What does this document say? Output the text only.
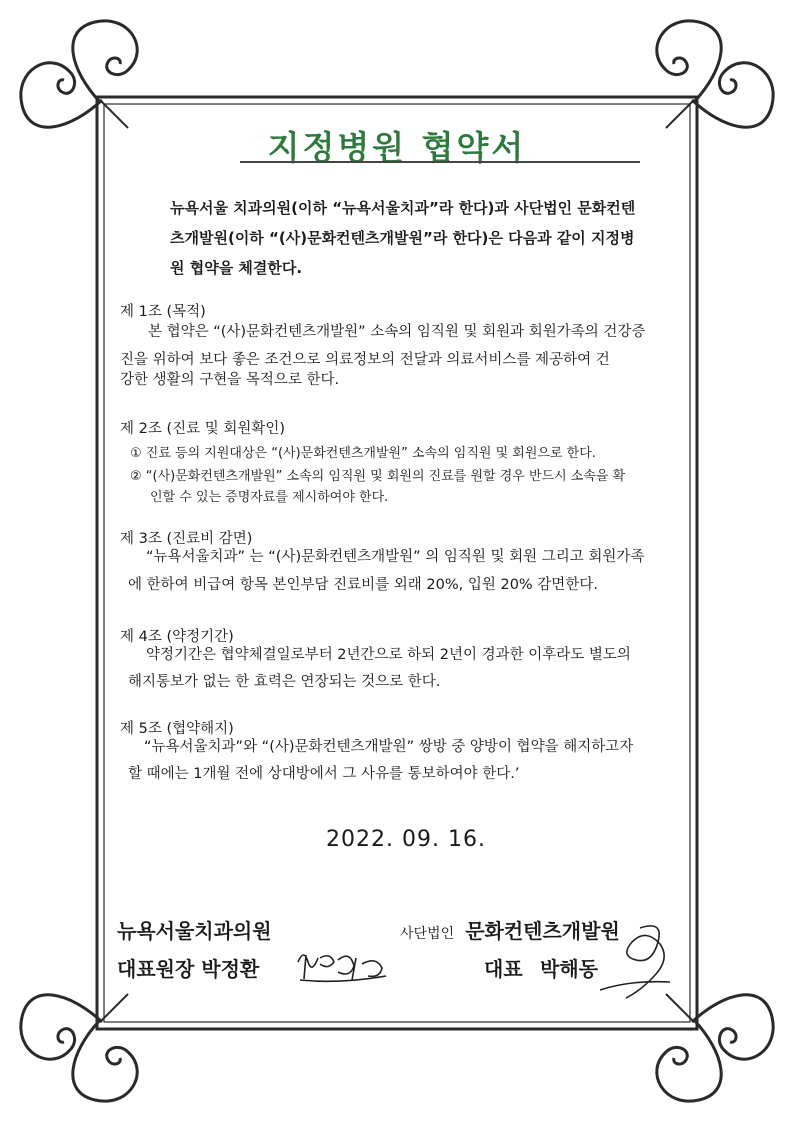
지정병원 협약서
뉴욕서울 치과의원(이하 “뉴욕서울치과”라 한다)과 사단법인 문화컨텐
츠개발원(이하 “(사)문화컨텐츠개발원”라 한다)은 다음과 같이 지정병
원 협약을 체결한다.
제 1조 (목적)
본 협약은 “(사)문화컨텐츠개발원” 소속의 임직원 및 회원과 회원가족의 건강증
진을 위하여 보다 좋은 조건으로 의료정보의 전달과 의료서비스를 제공하여 건
강한 생활의 구현을 목적으로 한다.
제 2조 (진료 및 회원확인)
① 진료 등의 지원대상은 “(사)문화컨텐츠개발원” 소속의 임직원 및 회원으로 한다.
② “(사)문화컨텐츠개발원” 소속의 임직원 및 회원의 진료를 원할 경우 반드시 소속을 확
인할 수 있는 증명자료를 제시하여야 한다.
제 3조 (진료비 감면)
“뉴욕서울치과” 는 “(사)문화컨텐츠개발원” 의 임직원 및 회원 그리고 회원가족
에 한하여 비급여 항목 본인부담 진료비를 외래 20%, 입원 20% 감면한다.
제 4조 (약정기간)
약정기간은 협약체결일로부터 2년간으로 하되 2년이 경과한 이후라도 별도의
해지통보가 없는 한 효력은 연장되는 것으로 한다.
제 5조 (협약해지)
“뉴욕서울치과”와 “(사)문화컨텐츠개발원” 쌍방 중 양방이 협약을 해지하고자
할 때에는 1개월 전에 상대방에서 그 사유를 통보하여야 한다.’
2022. 09. 16.
뉴욕서울치과의원
대표원장 박정환
사단법인 문화컨텐츠개발원
대표 박해동
